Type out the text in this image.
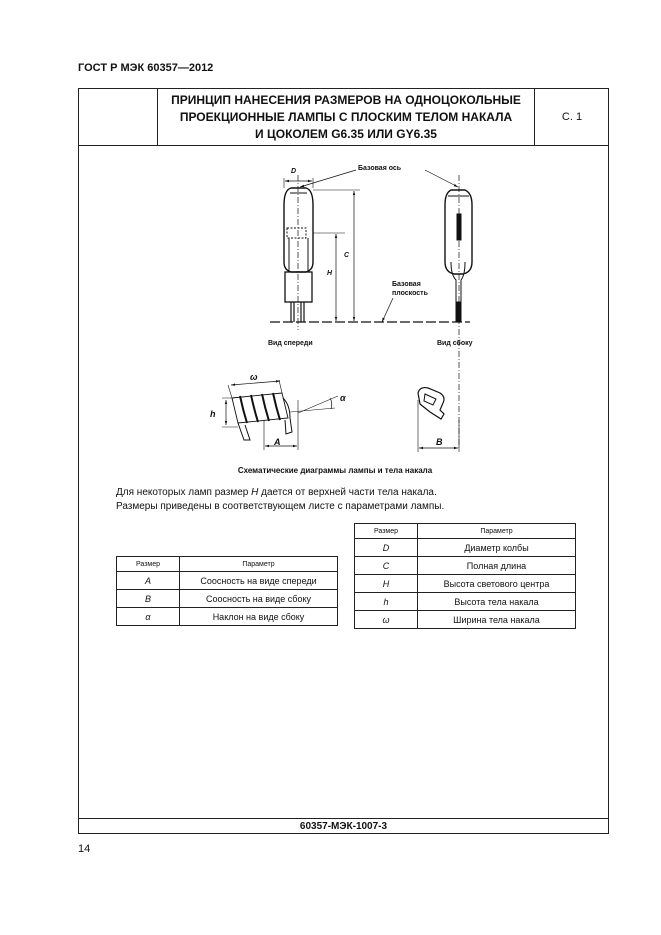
ГОСТ Р МЭК 60357—2012
ПРИНЦИП НАНЕСЕНИЯ РАЗМЕРОВ НА ОДНОЦОКОЛЬНЫЕ
ПРОЕКЦИОННЫЕ ЛАМПЫ С ПЛОСКИМ ТЕЛОМ НАКАЛА
И ЦОКОЛЕМ G6.35 ИЛИ GY6.35
С. 1
60357-МЭК-1007-3
D
H
C
Базовая ось
Базовая
плоскость
Вид спереди	Вид сбоку
ω
h
A
α
B
Схематические диаграммы лампы и тела накала
Для некоторых ламп размер H дается от верхней части тела накала.
Размеры приведены в соответствующем листе с параметрами лампы.
Размер	Параметр
A	Соосность на виде спереди
B	Соосность на виде сбоку
α	Наклон на виде сбоку
Размер	Параметр
D	Диаметр колбы
C	Полная длина
H	Высота светового центра
h	Высота тела накала
ω	Ширина тела накала
14
